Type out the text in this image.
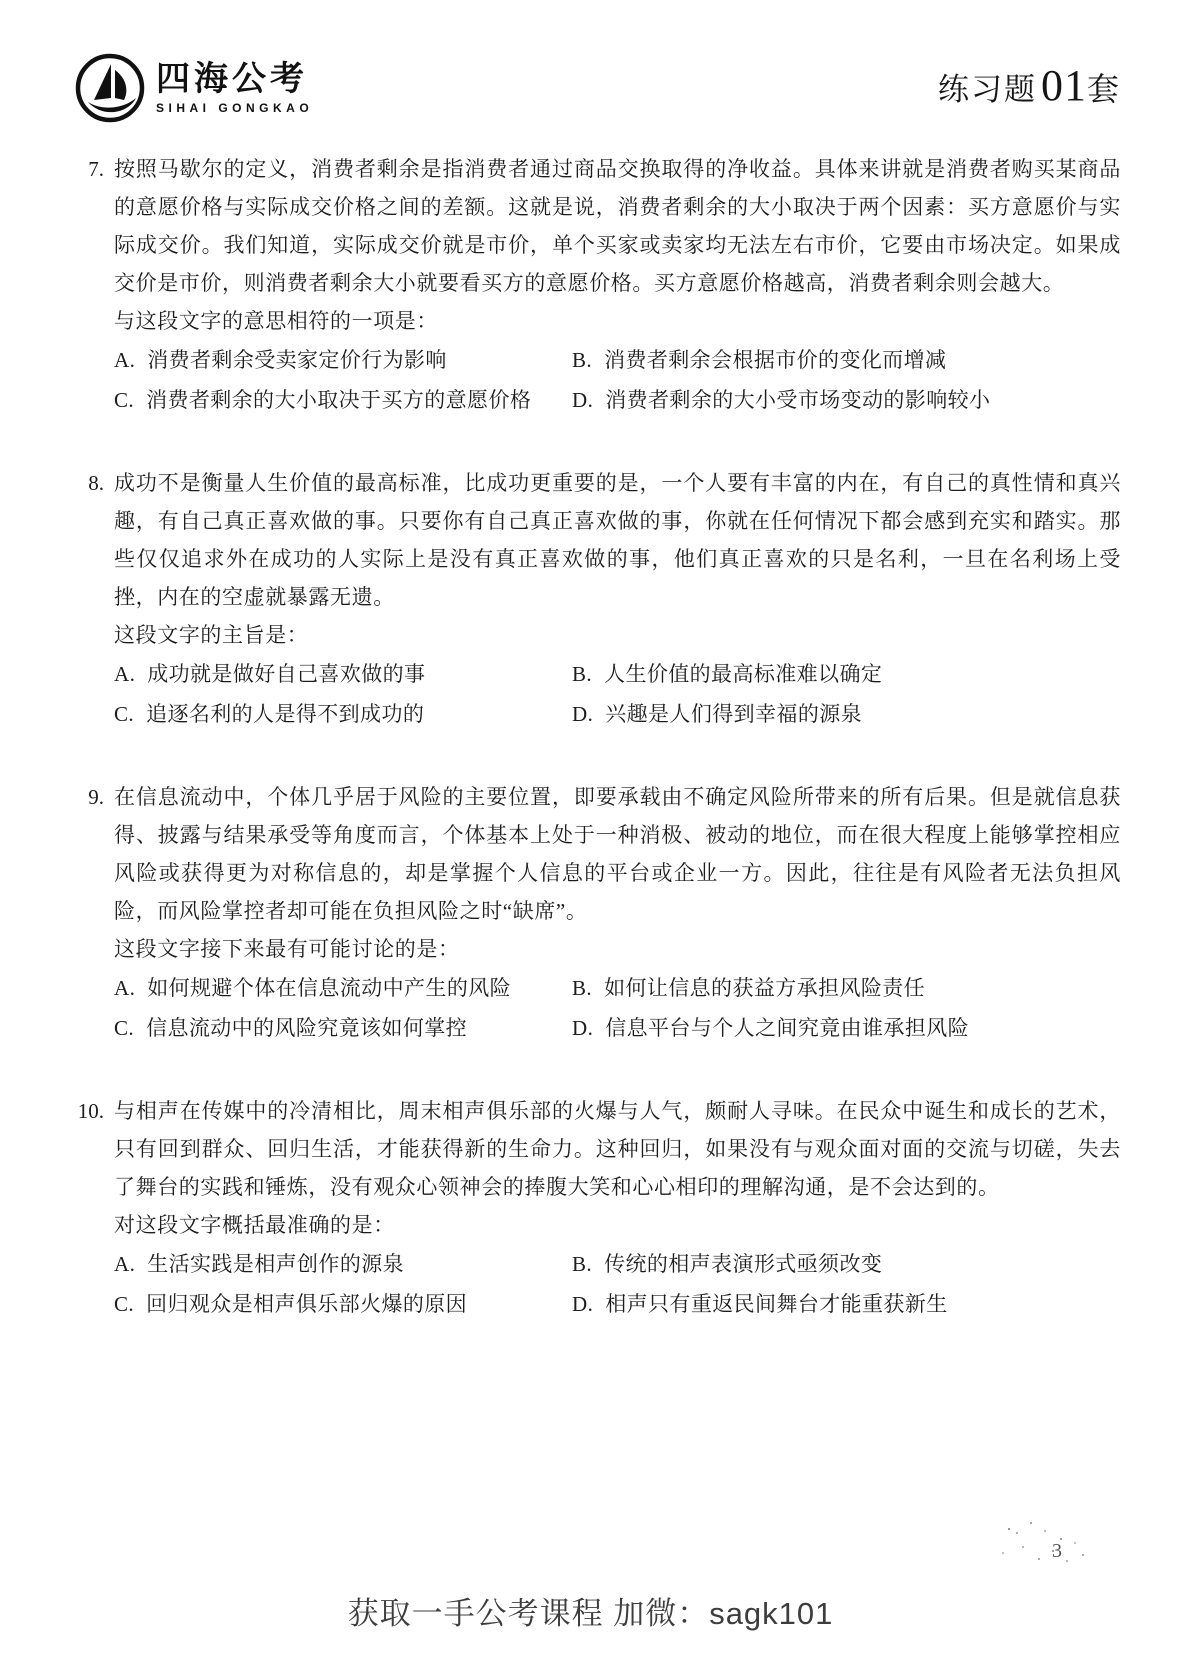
四海公考
SIHAI GONGKAO
练习题 01套
7. 按照马歇尔的定义，消费者剩余是指消费者通过商品交换取得的净收益。具体来讲就是消费者购买某商品的意愿价格与实际成交价格之间的差额。这就是说，消费者剩余的大小取决于两个因素：买方意愿价与实际成交价。我们知道，实际成交价就是市价，单个买家或卖家均无法左右市价，它要由市场决定。如果成交价是市价，则消费者剩余大小就要看买方的意愿价格。买方意愿价格越高，消费者剩余则会越大。

与这段文字的意思相符的一项是：

A. 消费者剩余受卖家定价行为影响	B. 消费者剩余会根据市价的变化而增减
C. 消费者剩余的大小取决于买方的意愿价格 D. 消费者剩余的大小受市场变动的影响较小
8. 成功不是衡量人生价值的最高标准，比成功更重要的是，一个人要有丰富的内在，有自己的真性情和真兴趣，有自己真正喜欢做的事。只要你有自己真正喜欢做的事，你就在任何情况下都会感到充实和踏实。那些仅仅追求外在成功的人实际上是没有真正喜欢做的事，他们真正喜欢的只是名利，一旦在名利场上受挫，内在的空虚就暴露无遗。

这段文字的主旨是：

A. 成功就是做好自己喜欢做的事	B. 人生价值的最高标准难以确定
C. 追逐名利的人是得不到成功的	D. 兴趣是人们得到幸福的源泉
9. 在信息流动中，个体几乎居于风险的主要位置，即要承载由不确定风险所带来的所有后果。但是就信息获得、披露与结果承受等角度而言，个体基本上处于一种消极、被动的地位，而在很大程度上能够掌控相应风险或获得更为对称信息的，却是掌握个人信息的平台或企业一方。因此，往往是有风险者无法负担风险，而风险掌控者却可能在负担风险之时“缺席”。

这段文字接下来最有可能讨论的是：

A. 如何规避个体在信息流动中产生的风险	B. 如何让信息的获益方承担风险责任
C. 信息流动中的风险究竟该如何掌控	D. 信息平台与个人之间究竟由谁承担风险
10. 与相声在传媒中的冷清相比，周末相声俱乐部的火爆与人气，颇耐人寻味。在民众中诞生和成长的艺术，只有回到群众、回归生活，才能获得新的生命力。这种回归，如果没有与观众面对面的交流与切磋，失去了舞台的实践和锤炼，没有观众心领神会的捧腹大笑和心心相印的理解沟通，是不会达到的。

对这段文字概括最准确的是：

A. 生活实践是相声创作的源泉	B. 传统的相声表演形式亟须改变
C. 回归观众是相声俱乐部火爆的原因	D. 相声只有重返民间舞台才能重获新生
3
获取一手公考课程 加微：sagk101
